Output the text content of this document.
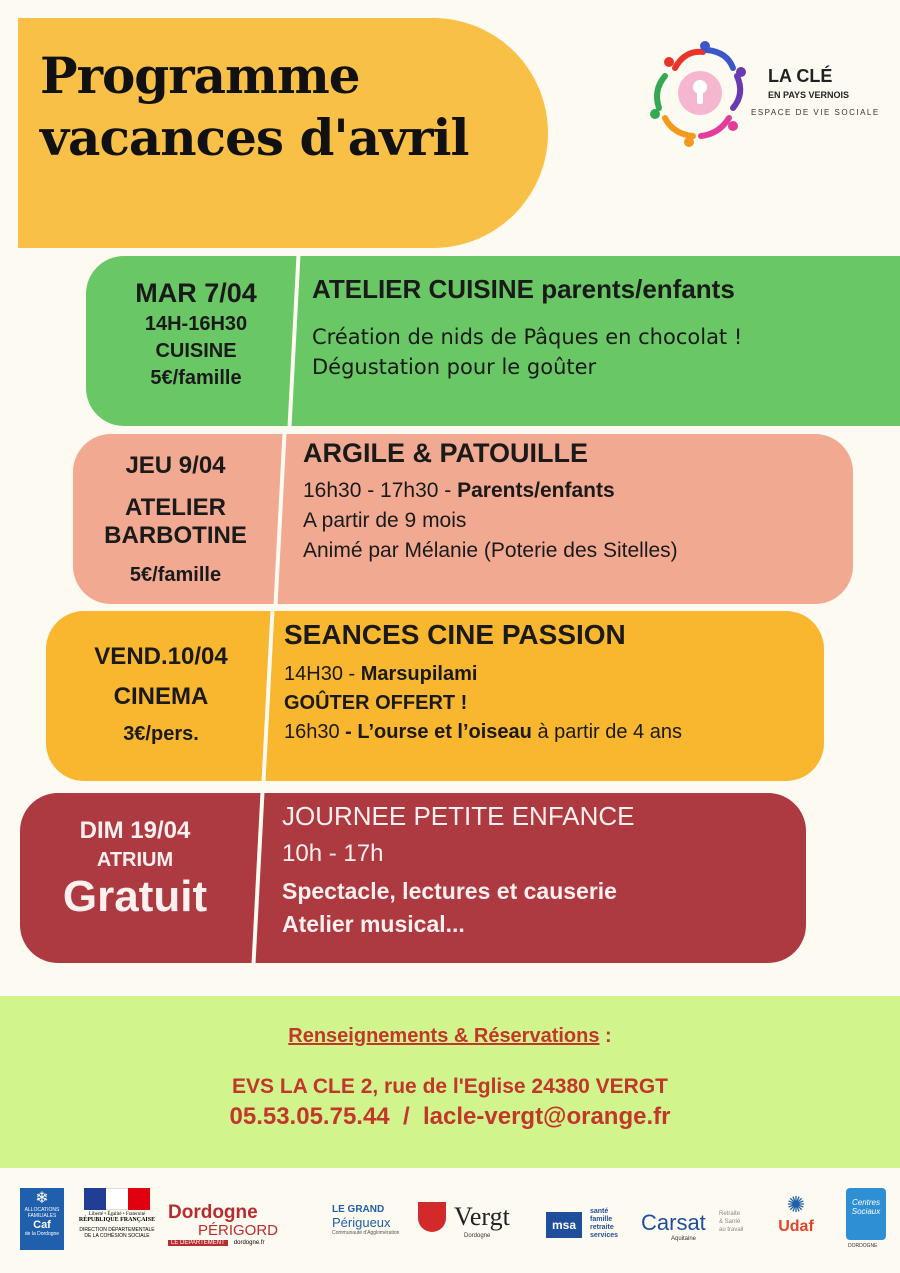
Programme
vacances d'avril
LA CLÉ
EN PAYS VERNOIS
ESPACE DE VIE SOCIALE
MAR 7/04
14H-16H30
CUISINE
5€/famille
ATELIER CUISINE parents/enfants
Création de nids de Pâques en chocolat !
Dégustation pour le goûter
JEU 9/04
ATELIER
BARBOTINE
5€/famille
ARGILE & PATOUILLE
16h30 - 17h30 - Parents/enfants
A partir de 9 mois
Animé par Mélanie (Poterie des Sitelles)
VEND.10/04
CINEMA
3€/pers.
SEANCES CINE PASSION
14H30 - Marsupilami
GOÛTER OFFERT !
16h30 - L’ourse et l’oiseau à partir de 4 ans
DIM 19/04
ATRIUM
Gratuit
JOURNEE PETITE ENFANCE
10h - 17h
Spectacle, lectures et causerie
Atelier musical...
Renseignements & Réservations :
EVS LA CLE 2, rue de l'Eglise 24380 VERGT
05.53.05.75.44  /  lacle-vergt@orange.fr
❄
ALLOCATIONS
FAMILIALES
Caf
de la Dordogne
Liberté • Égalité • Fraternité
RÉPUBLIQUE FRANÇAISE
DIRECTION DÉPARTEMENTALE
DE LA COHÉSION SOCIALE
Dordogne
PÉRIGORD
LE DÉPARTEMENT	dordogne.fr
LE GRAND
Périgueux
Communauté d'Agglomération
Vergt
Dordogne
msa
santé
famille
retraite
services
Carsat
Aquitaine
Retraite
& Santé
au travail
✺
Udaf
Centres Sociaux
DORDOGNE
